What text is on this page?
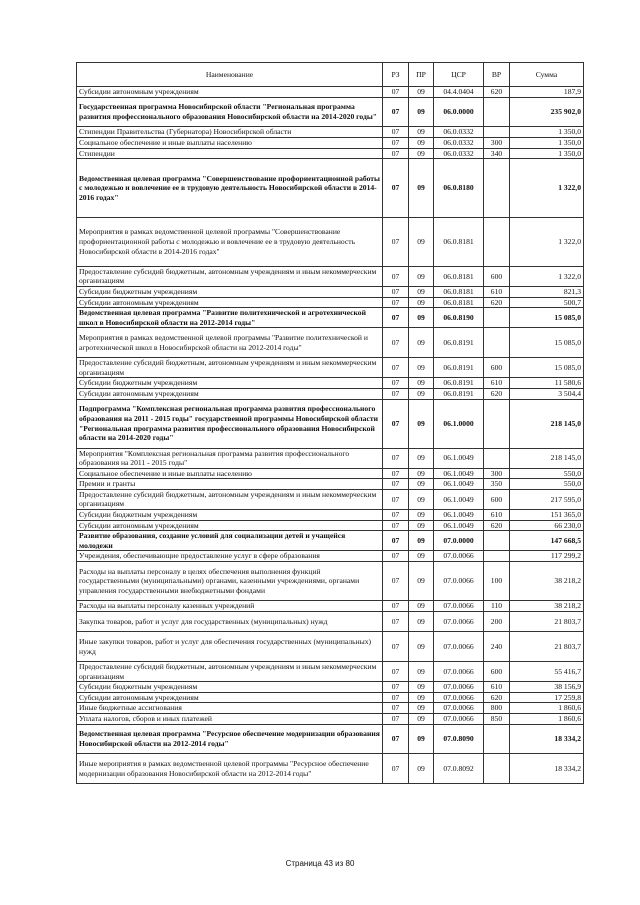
Наименование	РЗ	ПР	ЦСР	ВР	Сумма
Субсидии автономным учреждениям	07	09	04.4.0404	620	187,9
Государственная программа Новосибирской области "Региональная программа развития профессионального образования Новосибирской области на 2014-2020 годы"	07	09	06.0.0000		235 902,0
Стипендии Правительства (Губернатора) Новосибирской области	07	09	06.0.0332		1 350,0
Социальное обеспечение и иные выплаты населению	07	09	06.0.0332	300	1 350,0
Стипендии	07	09	06.0.0332	340	1 350,0
Ведомственная целевая программа "Совершенствование профориентационной работы с молодежью и вовлечение ее в трудовую деятельность Новосибирской области в 2014-2016 годах"	07	09	06.0.8180		1 322,0
Мероприятия в рамках ведомственной целевой программы "Совершенствование профориентационной работы с молодежью и вовлечение ее в трудовую деятельность Новосибирской области в 2014-2016 годах"	07	09	06.0.8181		1 322,0
Предоставление субсидий бюджетным, автономным учреждениям и иным некоммерческим организациям	07	09	06.0.8181	600	1 322,0
Субсидии бюджетным учреждениям	07	09	06.0.8181	610	821,3
Субсидии автономным учреждениям	07	09	06.0.8181	620	500,7
Ведомственная целевая программа "Развитие политехнической и агротехнической школ в Новосибирской области на 2012-2014 годы"	07	09	06.0.8190		15 085,0
Мероприятия в рамках ведомственной целевой программы "Развитие политехнической и агротехнической школ в Новосибирской области на 2012-2014 годы"	07	09	06.0.8191		15 085,0
Предоставление субсидий бюджетным, автономным учреждениям и иным некоммерческим организациям	07	09	06.0.8191	600	15 085,0
Субсидии бюджетным учреждениям	07	09	06.0.8191	610	11 580,6
Субсидии автономным учреждениям	07	09	06.0.8191	620	3 504,4
Подпрограмма "Комплексная региональная программа развития профессионального образования на 2011 - 2015 годы" государственной программы Новосибирской области "Региональная программа развития профессионального образования Новосибирской области на 2014-2020 годы"	07	09	06.1.0000		218 145,0
Мероприятия "Комплексная региональная программа развития профессионального образования на 2011 - 2015 годы"	07	09	06.1.0049		218 145,0
Социальное обеспечение и иные выплаты населению	07	09	06.1.0049	300	550,0
Премии и гранты	07	09	06.1.0049	350	550,0
Предоставление субсидий бюджетным, автономным учреждениям и иным некоммерческим организациям	07	09	06.1.0049	600	217 595,0
Субсидии бюджетным учреждениям	07	09	06.1.0049	610	151 365,0
Субсидии автономным учреждениям	07	09	06.1.0049	620	66 230,0
Развитие образования, создание условий для социализации детей и учащейся молодежи	07	09	07.0.0000		147 668,5
Учреждения, обеспечивающие предоставление услуг в сфере образования	07	09	07.0.0066		117 299,2
Расходы на выплаты персоналу в целях обеспечения выполнения функций государственными (муниципальными) органами, казенными учреждениями, органами управления государственными внебюджетными фондами	07	09	07.0.0066	100	38 218,2
Расходы на выплаты персоналу казенных учреждений	07	09	07.0.0066	110	38 218,2
Закупка товаров, работ и услуг для государственных (муниципальных) нужд	07	09	07.0.0066	200	21 803,7
Иные закупки товаров, работ и услуг для обеспечения государственных (муниципальных) нужд	07	09	07.0.0066	240	21 803,7
Предоставление субсидий бюджетным, автономным учреждениям и иным некоммерческим организациям	07	09	07.0.0066	600	55 416,7
Субсидии бюджетным учреждениям	07	09	07.0.0066	610	38 156,9
Субсидии автономным учреждениям	07	09	07.0.0066	620	17 259,8
Иные бюджетные ассигнования	07	09	07.0.0066	800	1 860,6
Уплата налогов, сборов и иных платежей	07	09	07.0.0066	850	1 860,6
Ведомственная целевая программа "Ресурсное обеспечение модернизации образования Новосибирской области на 2012-2014 годы"	07	09	07.0.8090		18 334,2
Иные мероприятия в рамках ведомственной целевой программы "Ресурсное обеспечение модернизации образования Новосибирской области на 2012-2014 годы"	07	09	07.0.8092		18 334,2
Страница 43 из 80
